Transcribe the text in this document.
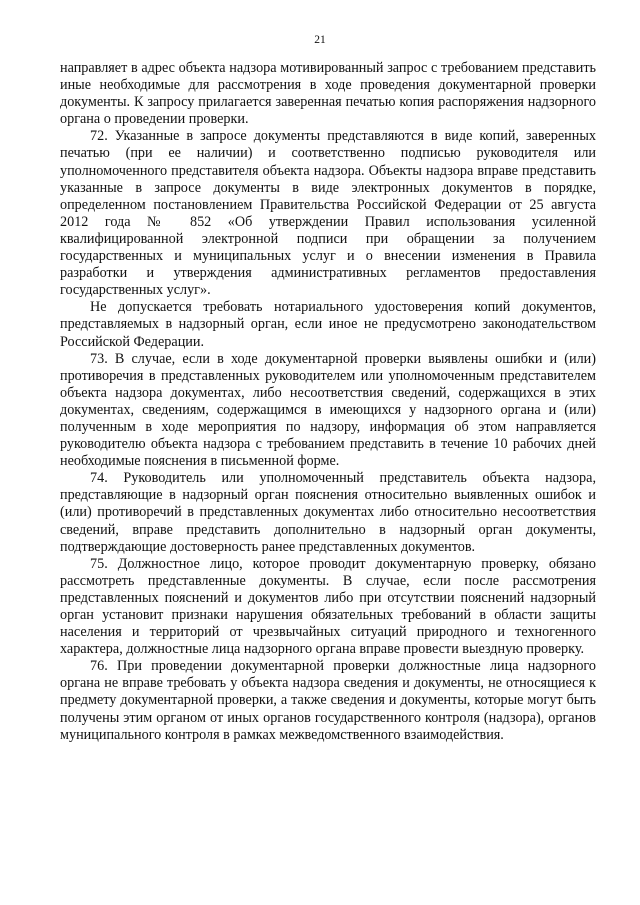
21

направляет в адрес объекта надзора мотивированный запрос с требованием представить иные необходимые для рассмотрения в ходе проведения документарной проверки документы. К запросу прилагается заверенная печатью копия распоряжения надзорного органа о проведении проверки.

72. Указанные в запросе документы представляются в виде копий, заверенных печатью (при ее наличии) и соответственно подписью руководителя или уполномоченного представителя объекта надзора. Объекты надзора вправе представить указанные в запросе документы в виде электронных документов в порядке, определенном постановлением Правительства Российской Федерации от 25 августа 2012 года № 852 «Об утверждении Правил использования усиленной квалифицированной электронной подписи при обращении за получением государственных и муниципальных услуг и о внесении изменения в Правила разработки и утверждения административных регламентов предоставления государственных услуг».

Не допускается требовать нотариального удостоверения копий документов, представляемых в надзорный орган, если иное не предусмотрено законодательством Российской Федерации.

73. В случае, если в ходе документарной проверки выявлены ошибки и (или) противоречия в представленных руководителем или уполномоченным представителем объекта надзора документах, либо несоответствия сведений, содержащихся в этих документах, сведениям, содержащимся в имеющихся у надзорного органа и (или) полученным в ходе мероприятия по надзору, информация об этом направляется руководителю объекта надзора с требованием представить в течение 10 рабочих дней необходимые пояснения в письменной форме.

74. Руководитель или уполномоченный представитель объекта надзора, представляющие в надзорный орган пояснения относительно выявленных ошибок и (или) противоречий в представленных документах либо относительно несоответствия сведений, вправе представить дополнительно в надзорный орган документы, подтверждающие достоверность ранее представленных документов.

75. Должностное лицо, которое проводит документарную проверку, обязано рассмотреть представленные документы. В случае, если после рассмотрения представленных пояснений и документов либо при отсутствии пояснений надзорный орган установит признаки нарушения обязательных требований в области защиты населения и территорий от чрезвычайных ситуаций природного и техногенного характера, должностные лица надзорного органа вправе провести выездную проверку.

76. При проведении документарной проверки должностные лица надзорного органа не вправе требовать у объекта надзора сведения и документы, не относящиеся к предмету документарной проверки, а также сведения и документы, которые могут быть получены этим органом от иных органов государственного контроля (надзора), органов муниципального контроля в рамках межведомственного взаимодействия.
